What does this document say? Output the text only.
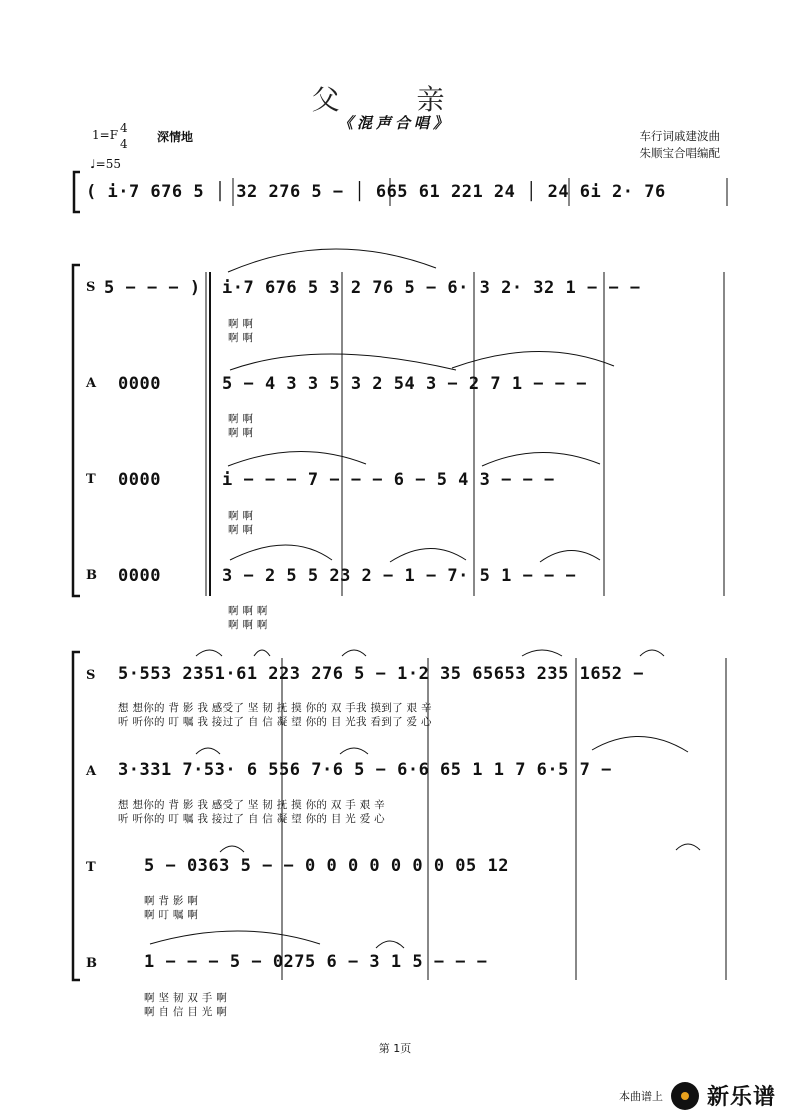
父 亲
《混声合唱》
1=F 4
4 深情地
♩=55
车行词戚建波曲
朱顺宝合唱编配
( i·7 676 5 │ 32 276 5 − │ 665 61 221 24 │ 24 6i 2· 76
S 5 − − − ) i·7 676 5 3 2 76 5 − 6· 3 2· 32 1 − − −
啊 啊
啊 啊
A 0000	5 − 4 3 3 5 3 2 54 3 − 2 7 1 − − −
啊 啊
啊 啊
T 0000	i − − − 7 − − − 6 − 5 4 3 − − −
啊 啊
啊 啊
B 0000	3 − 2 5 5 23 2 − 1 − 7· 5 1 − − −
啊 啊 啊
啊 啊 啊
S 5·553 2351·61 223 276 5 − 1·2 35 65653 235 1652 −
想 想你的 背 影 我 感受了 坚 韧 抚 摸 你的 双 手我 摸到了 艰 辛
听 听你的 叮 嘱 我 接过了 自 信 凝 望 你的 目 光我 看到了 爱 心
A 3·331 7·53· 6 556 7·6 5 − 6·6 65 1 1 7 6·5 7 −
想 想你的 背 影 我 感受了 坚 韧 抚 摸 你的 双 手 艰 辛
听 听你的 叮 嘱 我 接过了 自 信 凝 望 你的 目 光 爱 心
T	5 − 0363 5 − − 0 0 0 0 0 0 0 05 12
啊 背 影 啊
啊 叮 嘱 啊
B	1 − − − 5 − 0275 6 − 3 1 5 − − −
啊 坚 韧 双 手 啊
啊 自 信 目 光 啊
第 1页
本曲谱上 新乐谱
